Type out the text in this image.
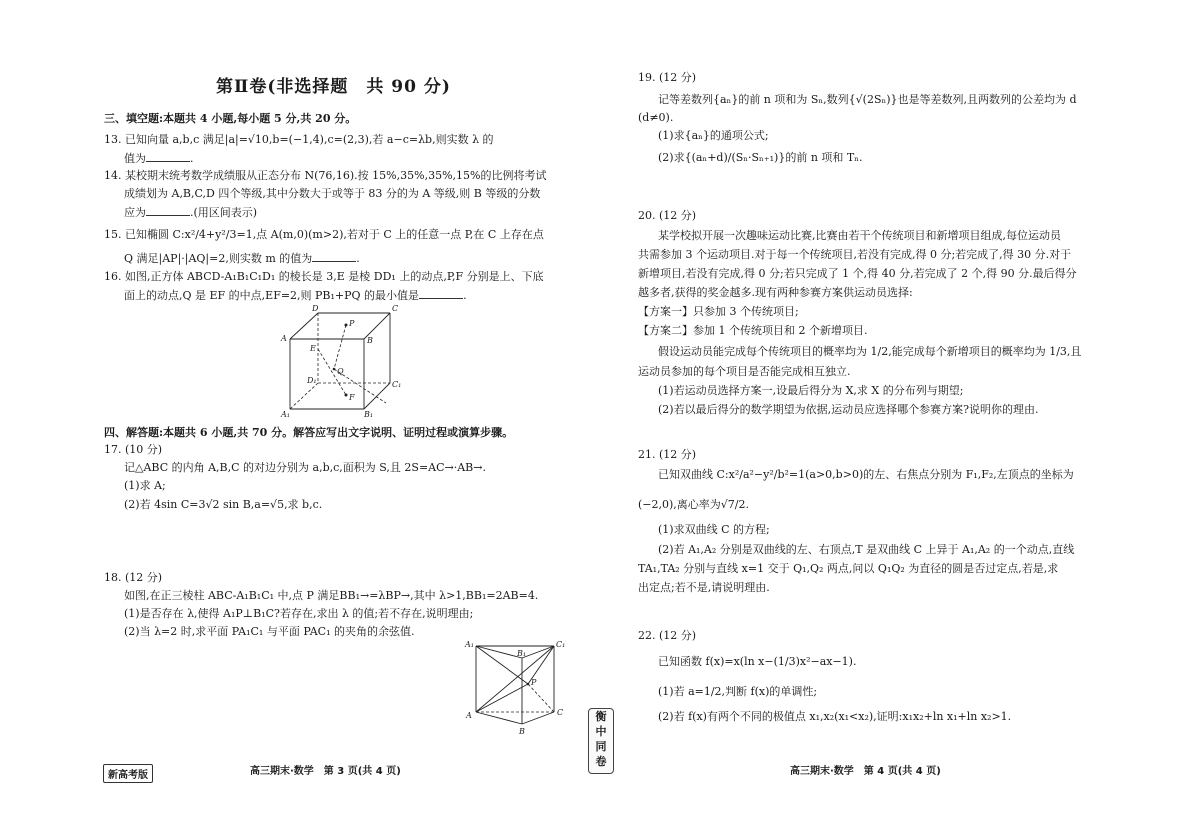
第Ⅱ卷(非选择题　共 90 分)
三、填空题:本题共 4 小题,每小题 5 分,共 20 分。
13. 已知向量 a,b,c 满足|a|=√10,b=(−1,4),c=(2,3),若 a−c=λb,则实数 λ 的
值为	.
14. 某校期末统考数学成绩服从正态分布 N(76,16).按 15%,35%,35%,15%的比例将考试
成绩划为 A,B,C,D 四个等级,其中分数大于或等于 83 分的为 A 等级,则 B 等级的分数
应为	.(用区间表示)
15. 已知椭圆 C:x²/4+y²/3=1,点 A(m,0)(m>2),若对于 C 上的任意一点 P,在 C 上存在点
Q 满足|AP|·|AQ|=2,则实数 m 的值为	.
16. 如图,正方体 ABCD-A₁B₁C₁D₁ 的棱长是 3,E 是棱 DD₁ 上的动点,P,F 分别是上、下底
面上的动点,Q 是 EF 的中点,EF=2,则 PB₁+PQ 的最小值是	.
D	C
A	B
E
P
Q
D₁	C₁
F
A₁	B₁
四、解答题:本题共 6 小题,共 70 分。解答应写出文字说明、证明过程或演算步骤。
17. (10 分)
记△ABC 的内角 A,B,C 的对边分别为 a,b,c,面积为 S,且 2S=AC→·AB→.
(1)求 A;
(2)若 4sin C=3√2 sin B,a=√5,求 b,c.
18. (12 分)
如图,在正三棱柱 ABC-A₁B₁C₁ 中,点 P 满足BB₁→=λBP→,其中 λ>1,BB₁=2AB=4.
(1)是否存在 λ,使得 A₁P⊥B₁C?若存在,求出 λ 的值;若不存在,说明理由;
(2)当 λ=2 时,求平面 PA₁C₁ 与平面 PAC₁ 的夹角的余弦值.
A₁	C₁
B₁
P
C
A
B
新高考版	高三期末·数学　第 3 页(共 4 页)
衡
中
同
卷
19. (12 分)
记等差数列{aₙ}的前 n 项和为 Sₙ,数列{√(2Sₙ)}也是等差数列,且两数列的公差均为 d
(d≠0).
(1)求{aₙ}的通项公式;
(2)求{(aₙ+d)/(Sₙ·Sₙ₊₁)}的前 n 项和 Tₙ.
20. (12 分)
某学校拟开展一次趣味运动比赛,比赛由若干个传统项目和新增项目组成,每位运动员
共需参加 3 个运动项目.对于每一个传统项目,若没有完成,得 0 分;若完成了,得 30 分.对于
新增项目,若没有完成,得 0 分;若只完成了 1 个,得 40 分,若完成了 2 个,得 90 分.最后得分
越多者,获得的奖金越多.现有两种参赛方案供运动员选择:
【方案一】只参加 3 个传统项目;
【方案二】参加 1 个传统项目和 2 个新增项目.
假设运动员能完成每个传统项目的概率均为 1/2,能完成每个新增项目的概率均为 1/3,且
运动员参加的每个项目是否能完成相互独立.
(1)若运动员选择方案一,设最后得分为 X,求 X 的分布列与期望;
(2)若以最后得分的数学期望为依据,运动员应选择哪个参赛方案?说明你的理由.
21. (12 分)
已知双曲线 C:x²/a²−y²/b²=1(a>0,b>0)的左、右焦点分别为 F₁,F₂,左顶点的坐标为
(−2,0),离心率为√7/2.
(1)求双曲线 C 的方程;
(2)若 A₁,A₂ 分别是双曲线的左、右顶点,T 是双曲线 C 上异于 A₁,A₂ 的一个动点,直线
TA₁,TA₂ 分别与直线 x=1 交于 Q₁,Q₂ 两点,问以 Q₁Q₂ 为直径的圆是否过定点,若是,求
出定点;若不是,请说明理由.
22. (12 分)
已知函数 f(x)=x(ln x−(1/3)x²−ax−1).
(1)若 a=1/2,判断 f(x)的单调性;
(2)若 f(x)有两个不同的极值点 x₁,x₂(x₁<x₂),证明:x₁x₂+ln x₁+ln x₂>1.
高三期末·数学　第 4 页(共 4 页)
